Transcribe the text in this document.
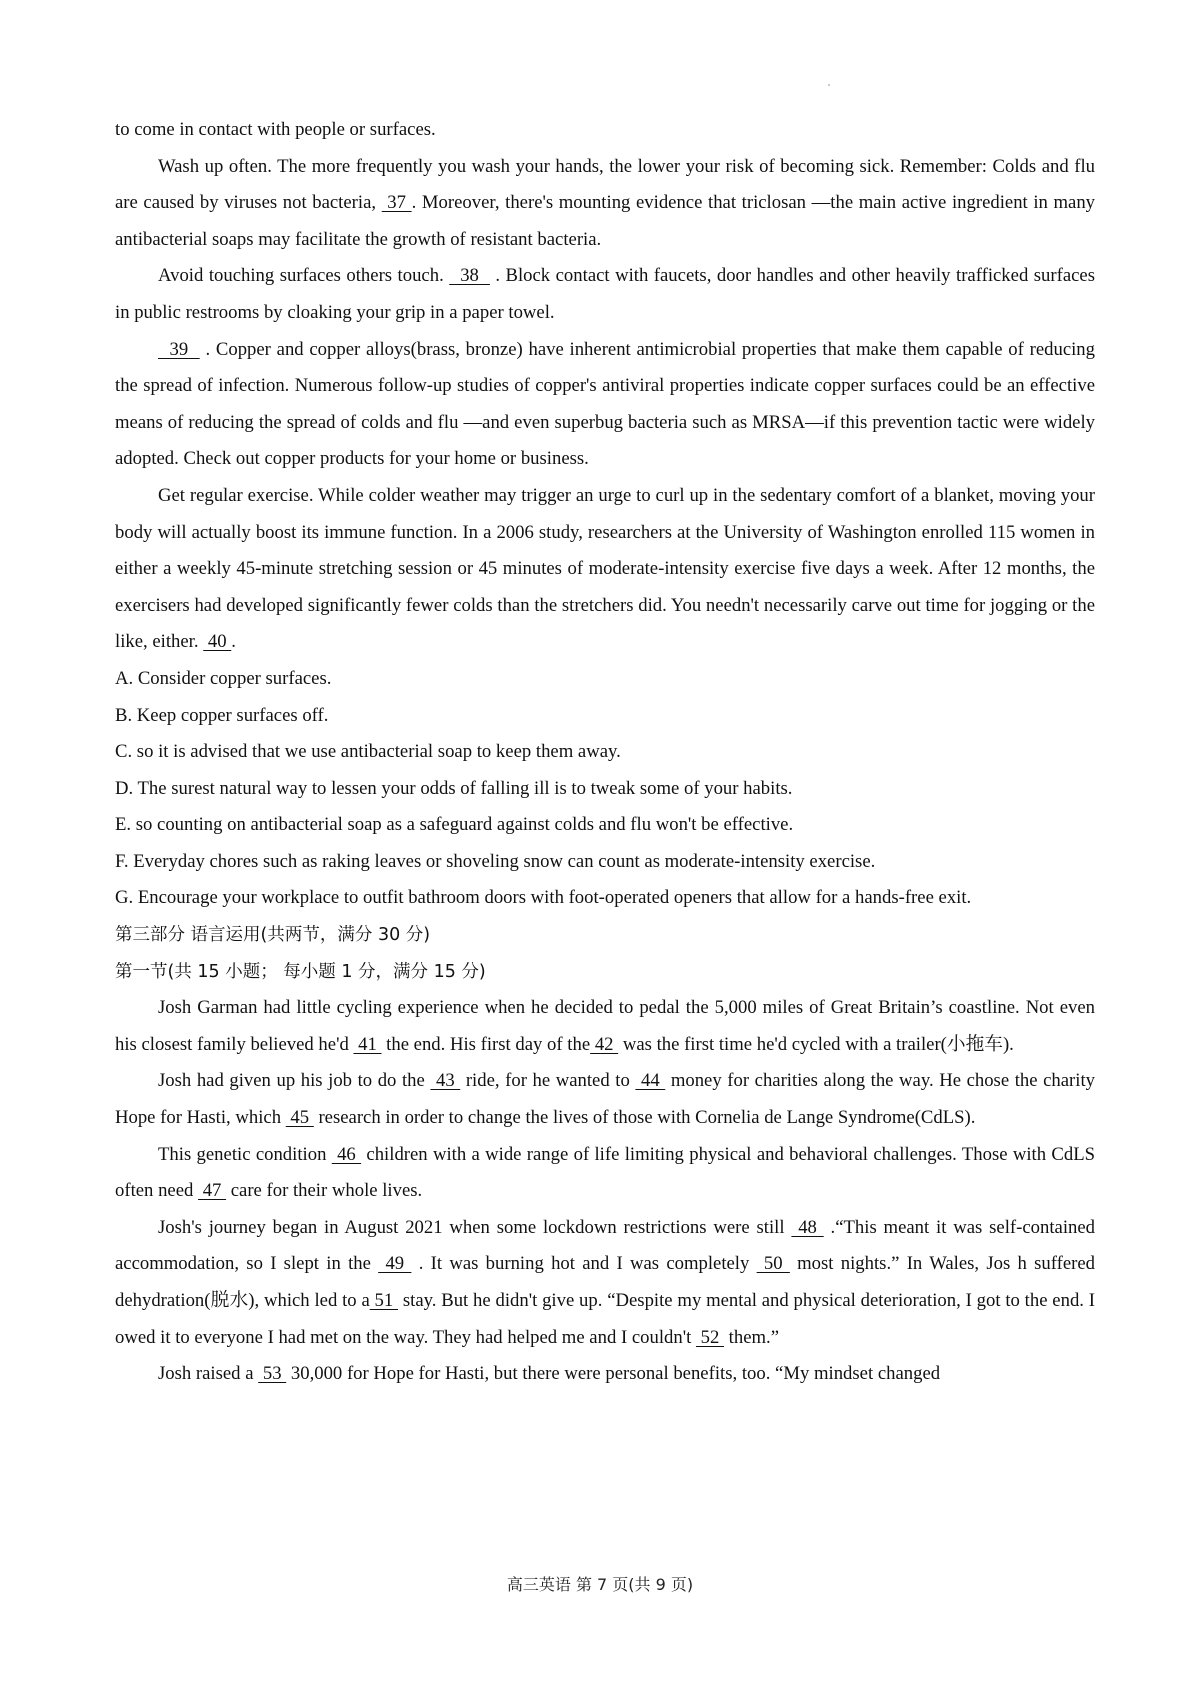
to come in contact with people or surfaces.

Wash up often. The more frequently you wash your hands, the lower your risk of becoming sick. Remember: Colds and flu are caused by viruses not bacteria,  37 . Moreover, there's mounting evidence that triclosan —the main active ingredient in many antibacterial soaps may facilitate the growth of resistant bacteria.

Avoid touching surfaces others touch.   38   . Block contact with faucets, door handles and other heavily trafficked surfaces in public restrooms by cloaking your grip in a paper towel.

39   . Copper and copper alloys(brass, bronze) have inherent antimicrobial properties that make them capable of reducing the spread of infection. Numerous follow-up studies of copper's antiviral properties indicate copper surfaces could be an effective means of reducing the spread of colds and flu —and even superbug bacteria such as MRSA—if this prevention tactic were widely adopted. Check out copper products for your home or business.

Get regular exercise. While colder weather may trigger an urge to curl up in the sedentary comfort of a blanket, moving your body will actually boost its immune function. In a 2006 study, researchers at the University of Washington enrolled 115 women in either a weekly 45-minute stretching session or 45 minutes of moderate-intensity exercise five days a week. After 12 months, the exercisers had developed significantly fewer colds than the stretchers did. You needn't necessarily carve out time for jogging or the like, either.  40 .

A. Consider copper surfaces.

B. Keep copper surfaces off.

C. so it is advised that we use antibacterial soap to keep them away.

D. The surest natural way to lessen your odds of falling ill is to tweak some of your habits.

E. so counting on antibacterial soap as a safeguard against colds and flu won't be effective.

F. Everyday chores such as raking leaves or shoveling snow can count as moderate-intensity exercise.

G. Encourage your workplace to outfit bathroom doors with foot-operated openers that allow for a hands-free exit.

第三部分 语言运用(共两节，满分 30 分)

第一节(共 15 小题； 每小题 1 分，满分 15 分)

Josh Garman had little cycling experience when he decided to pedal the 5,000 miles of Great Britain’s coastline. Not even his closest family believed he'd  41  the end. His first day of the 42  was the first time he'd cycled with a trailer(小拖车).

Josh had given up his job to do the  43  ride, for he wanted to  44  money for charities along the way. He chose the charity Hope for Hasti, which  45  research in order to change the lives of those with Cornelia de Lange Syndrome(CdLS).

This genetic condition  46  children with a wide range of life limiting physical and behavioral challenges. Those with CdLS often need  47  care for their whole lives.

Josh's journey began in August 2021 when some lockdown restrictions were still  48  .“This meant it was self-contained accommodation, so I slept in the  49  . It was burning hot and I was completely  50  most nights.” In Wales, Jos h suffered dehydration(脱水), which led to a 51  stay. But he didn't give up. “Despite my mental and physical deterioration, I got to the end. I owed it to everyone I had met on the way. They had helped me and I couldn't  52  them.”

Josh raised a  53  30,000 for Hope for Hasti, but there were personal benefits, too. “My mindset changed

高三英语 第 7 页(共 9 页)
